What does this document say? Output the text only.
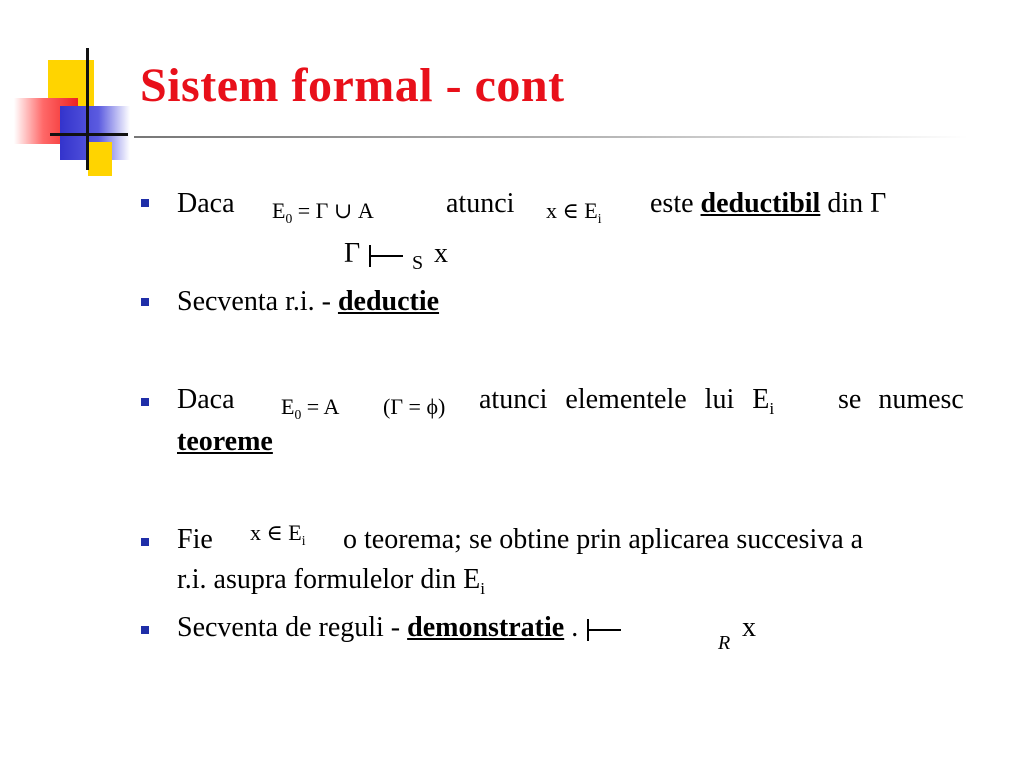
Sistem formal - cont
Daca $E_0 = \Gamma$ ∪ A	atunci x ∈ $E_i$ este deductibil din Γ
Γ	S x
Secventa r.i. - deductie
Daca $E_0 = A$ (Γ = ϕ) atunci elementele lui $E_i$ se numesc
teoreme
Fie x ∈ $E_i$ o teorema; se obtine prin aplicarea succesiva a
r.i. asupra formulelor din $E_i$
Secventa de reguli - demonstratie .	R x
